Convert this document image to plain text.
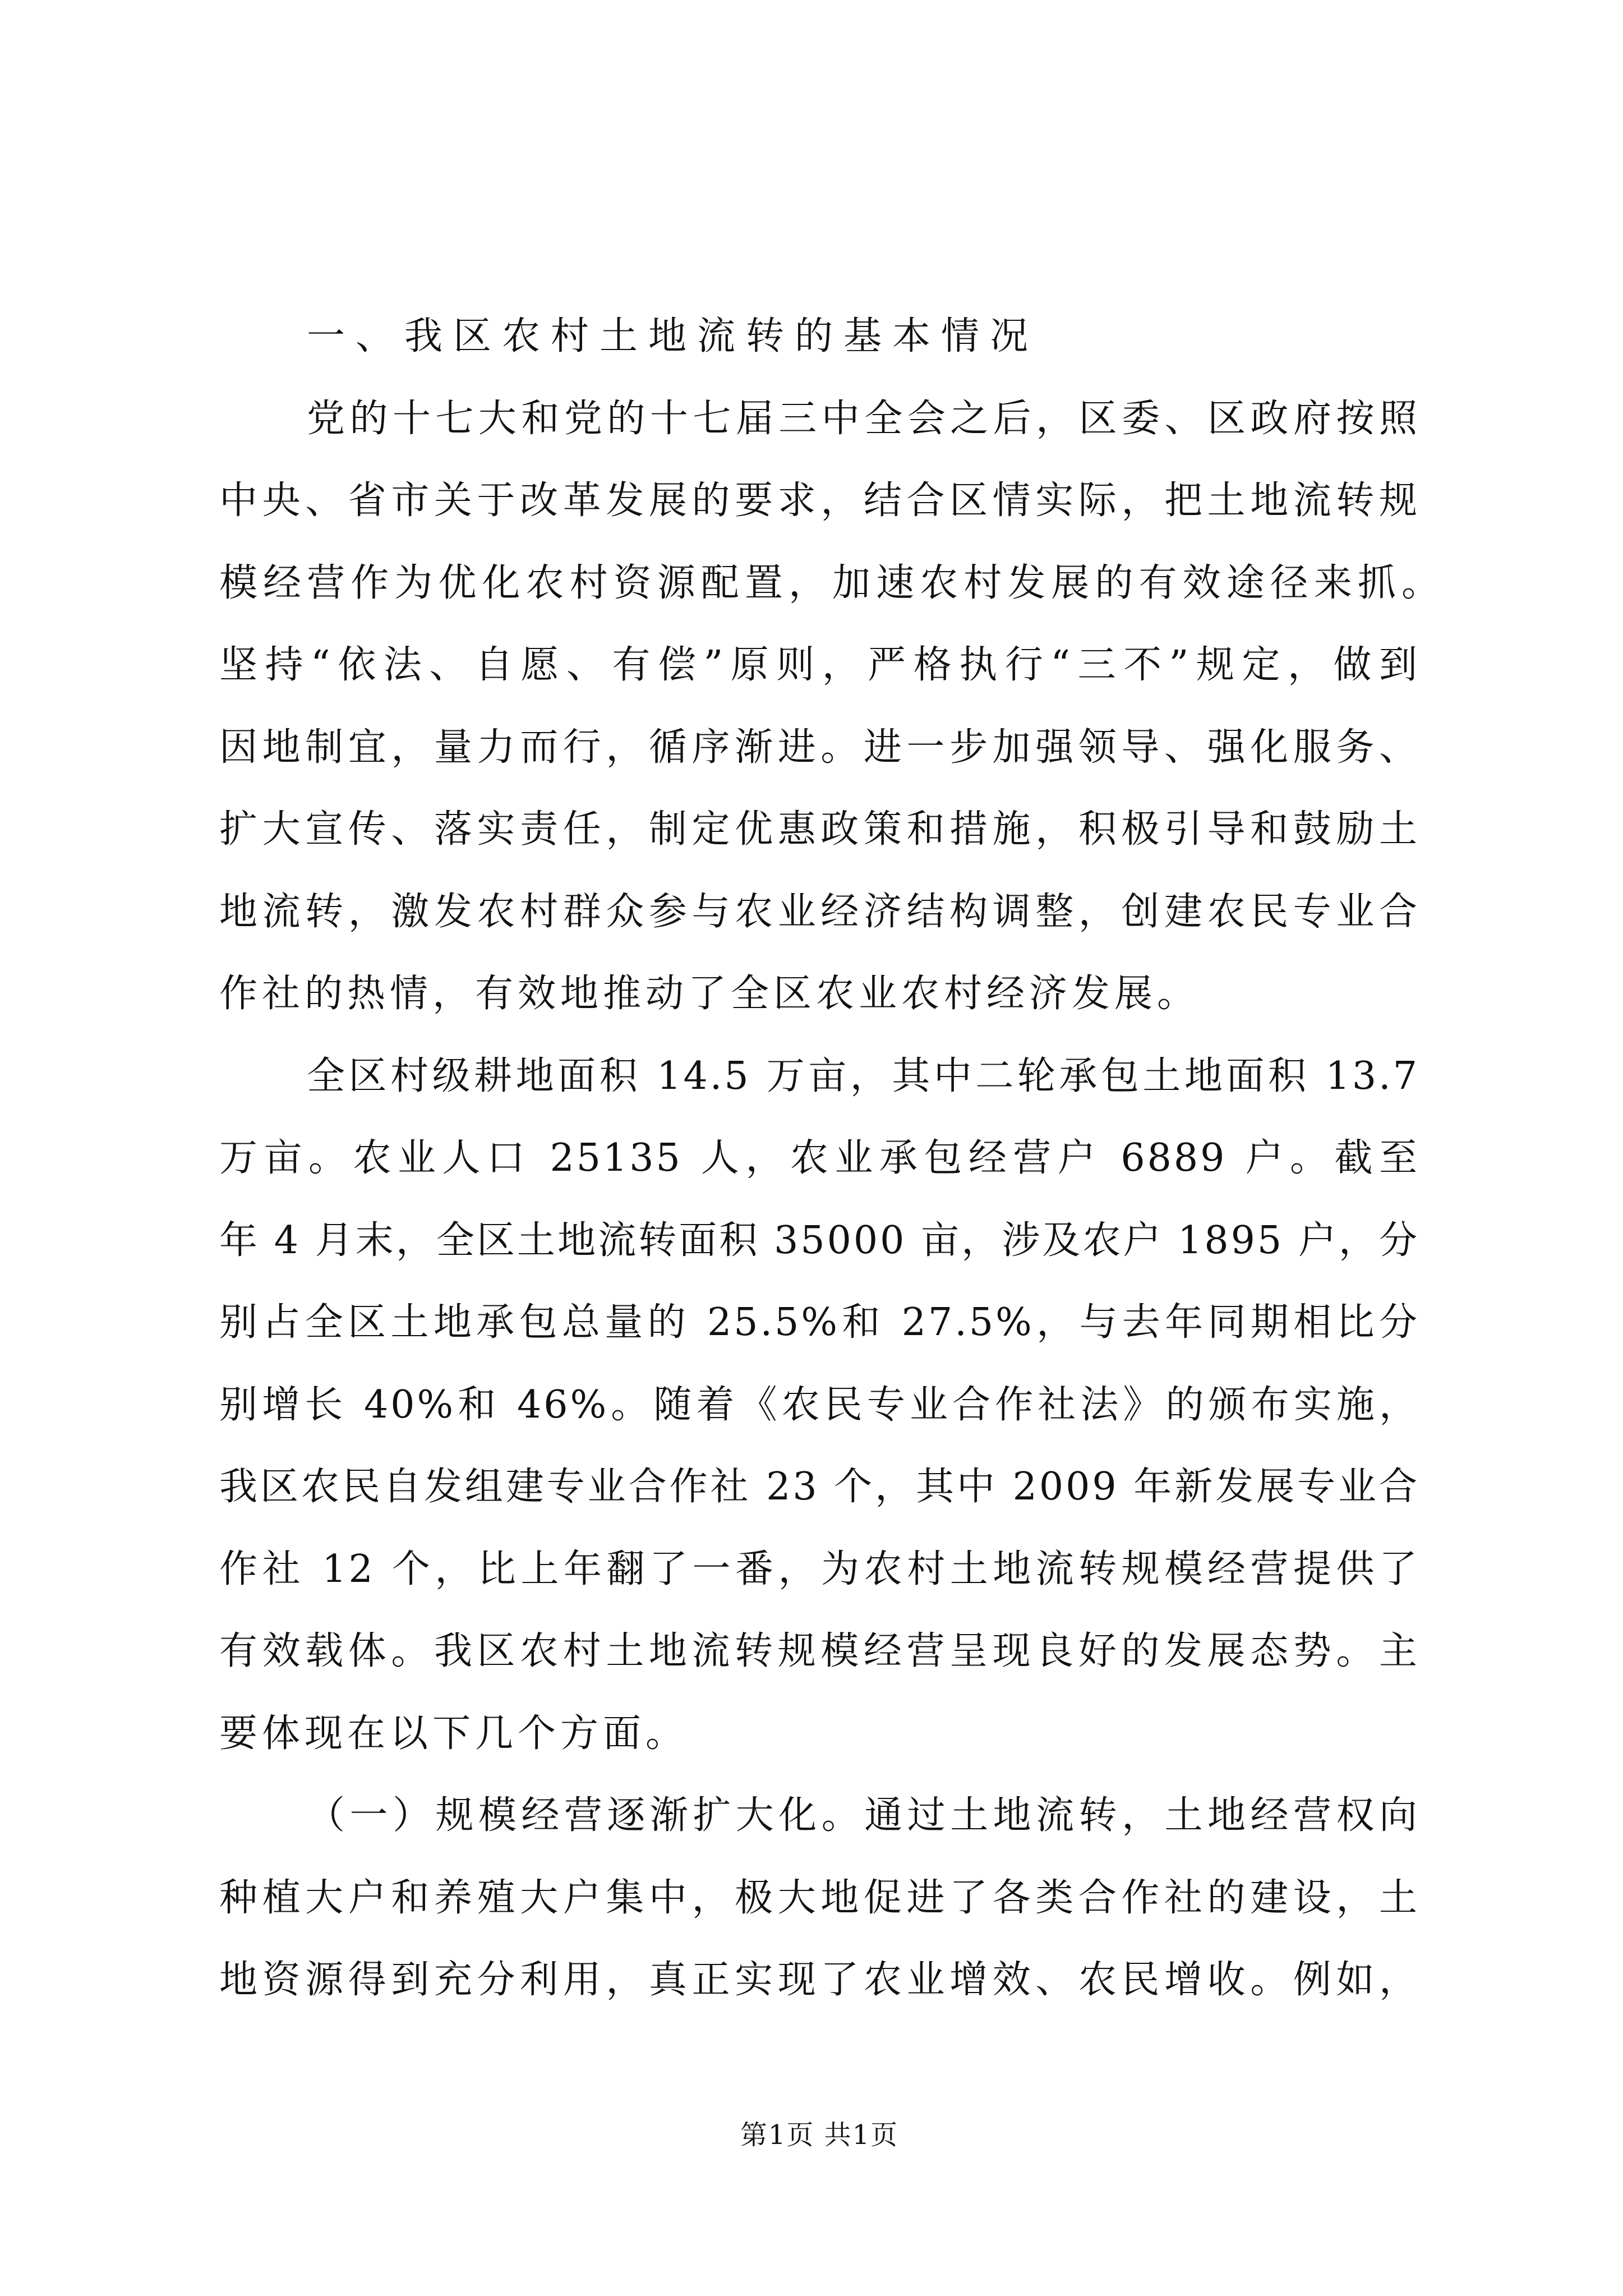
一、我区农村土地流转的基本情况
党的十七大和党的十七届三中全会之后，区委、区政府按照
中央、省市关于改革发展的要求，结合区情实际，把土地流转规
模经营作为优化农村资源配置，加速农村发展的有效途径来抓。
坚持“依法、自愿、有偿”原则，严格执行“三不”规定，做到
因地制宜，量力而行，循序渐进。进一步加强领导、强化服务、
扩大宣传、落实责任，制定优惠政策和措施，积极引导和鼓励土
地流转，激发农村群众参与农业经济结构调整，创建农民专业合
作社的热情，有效地推动了全区农业农村经济发展。
全区村级耕地面积 14.5 万亩，其中二轮承包土地面积 13.7
万亩。农业人口 25135 人，农业承包经营户 6889 户。截至
年 4 月末，全区土地流转面积 35000 亩，涉及农户 1895 户，分
别占全区土地承包总量的 25.5%和 27.5%，与去年同期相比分
别增长 40%和 46%。随着《农民专业合作社法》的颁布实施，
我区农民自发组建专业合作社 23 个，其中 2009 年新发展专业合
作社 12 个，比上年翻了一番，为农村土地流转规模经营提供了
有效载体。我区农村土地流转规模经营呈现良好的发展态势。主
要体现在以下几个方面。
（一）规模经营逐渐扩大化。通过土地流转，土地经营权向
种植大户和养殖大户集中，极大地促进了各类合作社的建设，土
地资源得到充分利用，真正实现了农业增效、农民增收。例如，
第1页 共1页
